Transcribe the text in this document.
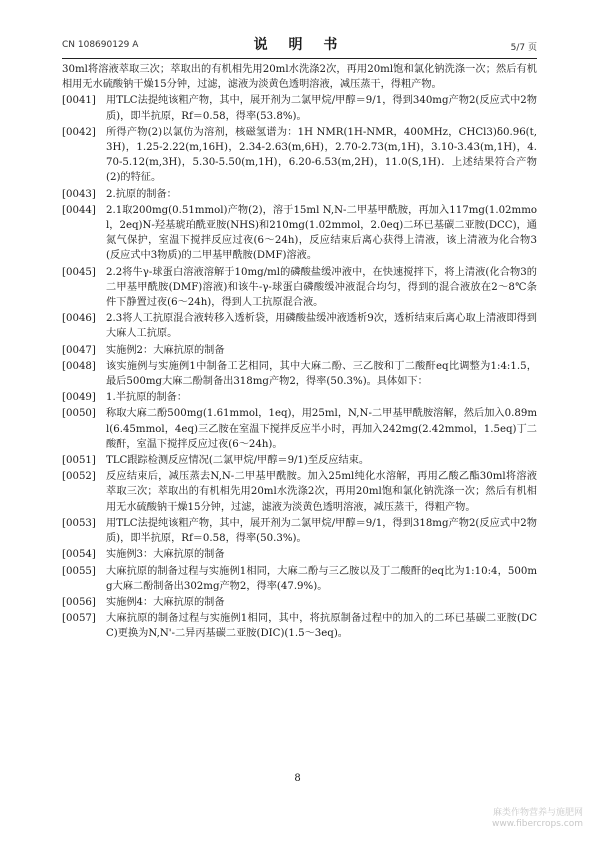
CN 108690129 A	说 明 书	5/7 页

30ml将溶液萃取三次；萃取出的有机相先用20ml水洗涤2次，再用20ml饱和氯化钠洗涤一次；然后有机相用无水硫酸钠干燥15分钟，过滤，滤液为淡黄色透明溶液，减压蒸干，得粗产物。

[0041] 用TLC法提纯该粗产物，其中，展开剂为二氯甲烷/甲醇＝9/1，得到340mg产物2(反应式中2物质)，即半抗原，Rf＝0.58，得率(53.8%)。

[0042] 所得产物(2)以氯仿为溶剂，核磁氢谱为：1H NMR(1H-NMR，400MHz，CHCl3)δ0.96(t,3H)，1.25-2.22(m,16H)，2.34-2.63(m,6H)，2.70-2.73(m,1H)，3.10-3.43(m,1H)，4.70-5.12(m,3H)，5.30-5.50(m,1H)，6.20-6.53(m,2H)，11.0(S,1H)．上述结果符合产物(2)的特征。

[0043] 2.抗原的制备：

[0044] 2.1取200mg(0.51mmol)产物(2)，溶于15ml N,N-二甲基甲酰胺，再加入117mg(1.02mmol，2eq)N-羟基琥珀酰亚胺(NHS)和210mg(1.02mmol，2.0eq)二环已基碳二亚胺(DCC)，通氮气保护，室温下搅拌反应过夜(6～24h)，反应结束后离心获得上清液，该上清液为化合物3(反应式中3物质)的二甲基甲酰胺(DMF)溶液。

[0045] 2.2将牛γ-球蛋白溶液溶解于10mg/ml的磷酸盐缓冲液中，在快速搅拌下，将上清液(化合物3的二甲基甲酰胺(DMF)溶液)和该牛-γ-球蛋白磷酸缓冲液混合均匀，得到的混合液放在2～8℃条件下静置过夜(6～24h)，得到人工抗原混合液。

[0046] 2.3将人工抗原混合液转移入透析袋，用磷酸盐缓冲液透析9次，透析结束后离心取上清液即得到大麻人工抗原。

[0047] 实施例2：大麻抗原的制备

[0048] 该实施例与实施例1中制备工艺相同，其中大麻二酚、三乙胺和丁二酸酐eq比调整为1:4:1.5，最后500mg大麻二酚制备出318mg产物2，得率(50.3%)。具体如下：

[0049] 1.半抗原的制备：

[0050] 称取大麻二酚500mg(1.61mmol，1eq)，用25ml，N,N-二甲基甲酰胺溶解，然后加入0.89ml(6.45mmol，4eq)三乙胺在室温下搅拌反应半小时，再加入242mg(2.42mmol，1.5eq)丁二酸酐，室温下搅拌反应过夜(6～24h)。

[0051] TLC跟踪检测反应情况(二氯甲烷/甲醇＝9/1)至反应结束。

[0052] 反应结束后，减压蒸去N,N-二甲基甲酰胺。加入25ml纯化水溶解，再用乙酸乙酯30ml将溶液萃取三次；萃取出的有机相先用20ml水洗涤2次，再用20ml饱和氯化钠洗涤一次；然后有机相用无水硫酸钠干燥15分钟，过滤，滤液为淡黄色透明溶液，减压蒸干，得粗产物。

[0053] 用TLC法提纯该粗产物，其中，展开剂为二氯甲烷/甲醇＝9/1，得到318mg产物2(反应式中2物质)，即半抗原，Rf＝0.58，得率(50.3%)。

[0054] 实施例3：大麻抗原的制备

[0055] 大麻抗原的制备过程与实施例1相同，大麻二酚与三乙胺以及丁二酸酐的eq比为1:10:4，500mg大麻二酚制备出302mg产物2，得率(47.9%)。

[0056] 实施例4：大麻抗原的制备

[0057] 大麻抗原的制备过程与实施例1相同，其中，将抗原制备过程中的加入的二环已基碳二亚胺(DCC)更换为N,N'-二异丙基碳二亚胺(DIC)(1.5～3eq)。

8
麻类作物营养与施肥网
www.fibercrops.com
